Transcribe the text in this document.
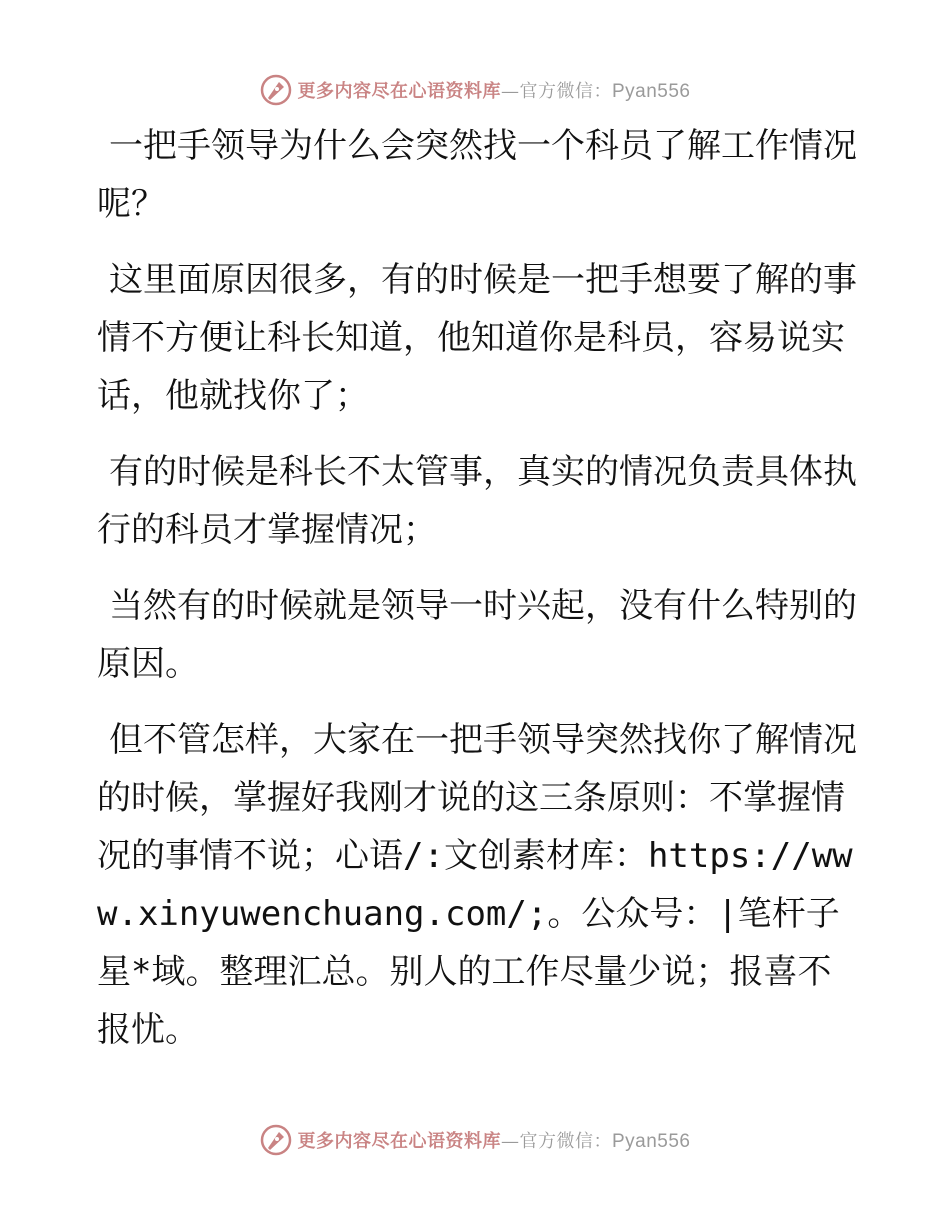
更多内容尽在心语资料库—官方微信：Pyan556

一把手领导为什么会突然找一个科员了解工作情况呢？

这里面原因很多，有的时候是一把手想要了解的事情不方便让科长知道，他知道你是科员，容易说实话，他就找你了；

有的时候是科长不太管事，真实的情况负责具体执行的科员才掌握情况；

当然有的时候就是领导一时兴起，没有什么特别的原因。

但不管怎样，大家在一把手领导突然找你了解情况的时候，掌握好我刚才说的这三条原则：不掌握情况的事情不说；心语/:文创素材库：https://www.xinyuwenchuang.com/;。公众号：|笔杆子星*域。整理汇总。别人的工作尽量少说；报喜不报忧。

更多内容尽在心语资料库—官方微信：Pyan556
